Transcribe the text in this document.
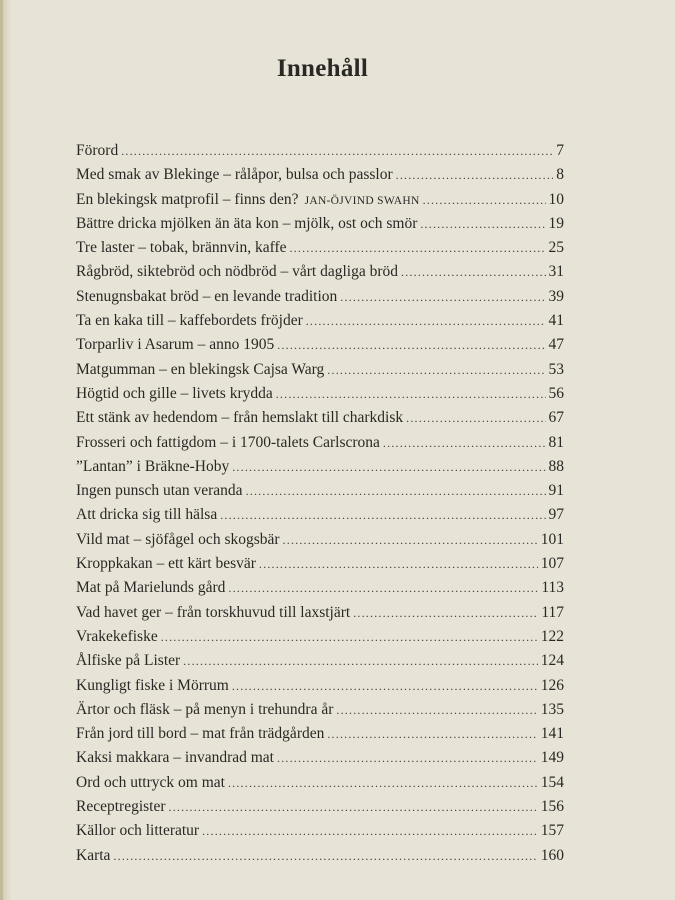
Innehåll
Förord .....	7
Med smak av Blekinge – rålåpor, bulsa och passlor .....	8
En blekingsk matprofil – finns den? JAN-ÖJVIND SWAHN .....	10
Bättre dricka mjölken än äta kon – mjölk, ost och smör .....	19
Tre laster – tobak, brännvin, kaffe .....	25
Rågbröd, siktebröd och nödbröd – vårt dagliga bröd .....	31
Stenugnsbakat bröd – en levande tradition .....	39
Ta en kaka till – kaffebordets fröjder .....	41
Torparliv i Asarum – anno 1905 .....	47
Matgumman – en blekingsk Cajsa Warg .....	53
Högtid och gille – livets krydda .....	56
Ett stänk av hedendom – från hemslakt till charkdisk .....	67
Frosseri och fattigdom – i 1700-talets Carlscrona .....	81
”Lantan” i Bräkne-Hoby .....	88
Ingen punsch utan veranda .....	91
Att dricka sig till hälsa .....	97
Vild mat – sjöfågel och skogsbär .....	101
Kroppkakan – ett kärt besvär .....	107
Mat på Marielunds gård .....	113
Vad havet ger – från torskhuvud till laxstjärt .....	117
Vrakekefiske .....	122
Ålfiske på Lister .....	124
Kungligt fiske i Mörrum .....	126
Ärtor och fläsk – på menyn i trehundra år .....	135
Från jord till bord – mat från trädgården .....	141
Kaksi makkara – invandrad mat .....	149
Ord och uttryck om mat .....	154
Receptregister .....	156
Källor och litteratur .....	157
Karta .....	160
